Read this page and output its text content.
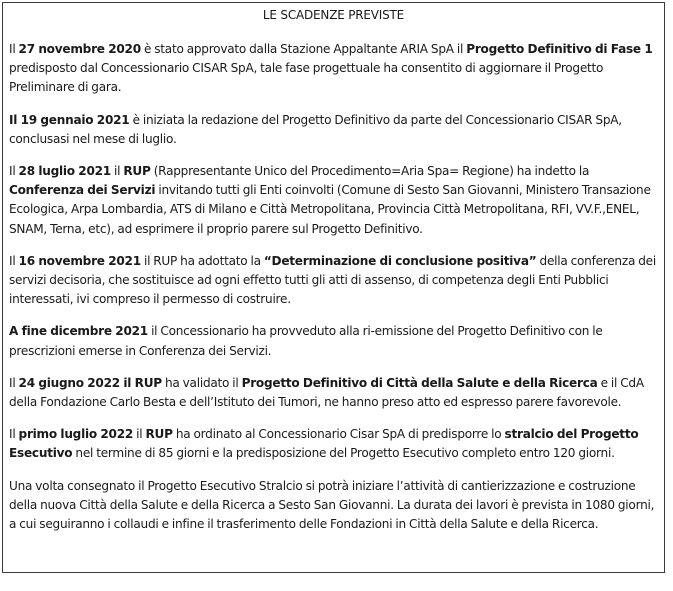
LE SCADENZE PREVISTE
Il 27 novembre 2020 è stato approvato dalla Stazione Appaltante ARIA SpA il Progetto Definitivo di Fase 1 predisposto dal Concessionario CISAR SpA, tale fase progettuale ha consentito di aggiornare il Progetto Preliminare di gara.
Il 19 gennaio 2021 è iniziata la redazione del Progetto Definitivo da parte del Concessionario CISAR SpA, conclusasi nel mese di luglio.
Il 28 luglio 2021 il RUP (Rappresentante Unico del Procedimento=Aria Spa= Regione) ha indetto la Conferenza dei Servizi invitando tutti gli Enti coinvolti (Comune di Sesto San Giovanni, Ministero Transazione Ecologica, Arpa Lombardia, ATS di Milano e Città Metropolitana, Provincia Città Metropolitana, RFI, VV.F.,ENEL, SNAM, Terna, etc), ad esprimere il proprio parere sul Progetto Definitivo.
Il 16 novembre 2021 il RUP ha adottato la “Determinazione di conclusione positiva” della conferenza dei servizi decisoria, che sostituisce ad ogni effetto tutti gli atti di assenso, di competenza degli Enti Pubblici interessati, ivi compreso il permesso di costruire.
A fine dicembre 2021 il Concessionario ha provveduto alla ri-emissione del Progetto Definitivo con le prescrizioni emerse in Conferenza dei Servizi.
Il 24 giugno 2022 il RUP ha validato il Progetto Definitivo di Città della Salute e della Ricerca e il CdA della Fondazione Carlo Besta e dell’Istituto dei Tumori, ne hanno preso atto ed espresso parere favorevole.
Il primo luglio 2022 il RUP ha ordinato al Concessionario Cisar SpA di predisporre lo stralcio del Progetto Esecutivo nel termine di 85 giorni e la predisposizione del Progetto Esecutivo completo entro 120 giorni.
Una volta consegnato il Progetto Esecutivo Stralcio si potrà iniziare l’attività di cantierizzazione e costruzione della nuova Città della Salute e della Ricerca a Sesto San Giovanni. La durata dei lavori è prevista in 1080 giorni, a cui seguiranno i collaudi e infine il trasferimento delle Fondazioni in Città della Salute e della Ricerca.
